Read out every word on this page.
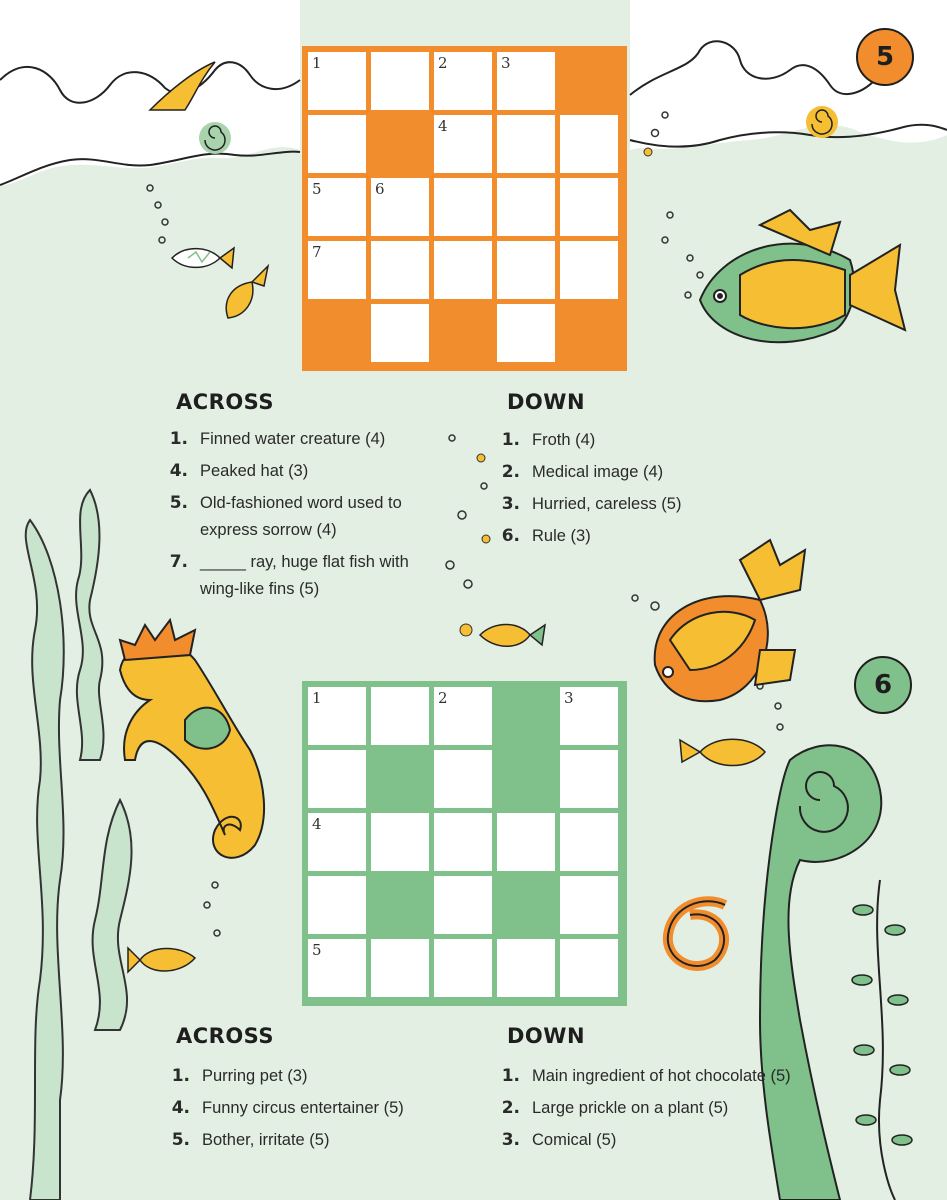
5
1	2	3
4
5	6
7
ACROSS
1. Finned water creature (4)
4. Peaked hat (3)
5. Old-fashioned word used to express sorrow (4)
7. _____ ray, huge flat fish with wing-like fins (5)
DOWN
1. Froth (4)
2. Medical image (4)
3. Hurried, careless (5)
6. Rule (3)
6
1	2	3
4
5
ACROSS
1. Purring pet (3)
4. Funny circus entertainer (5)
5. Bother, irritate (5)
DOWN
1. Main ingredient of hot chocolate (5)
2. Large prickle on a plant (5)
3. Comical (5)
